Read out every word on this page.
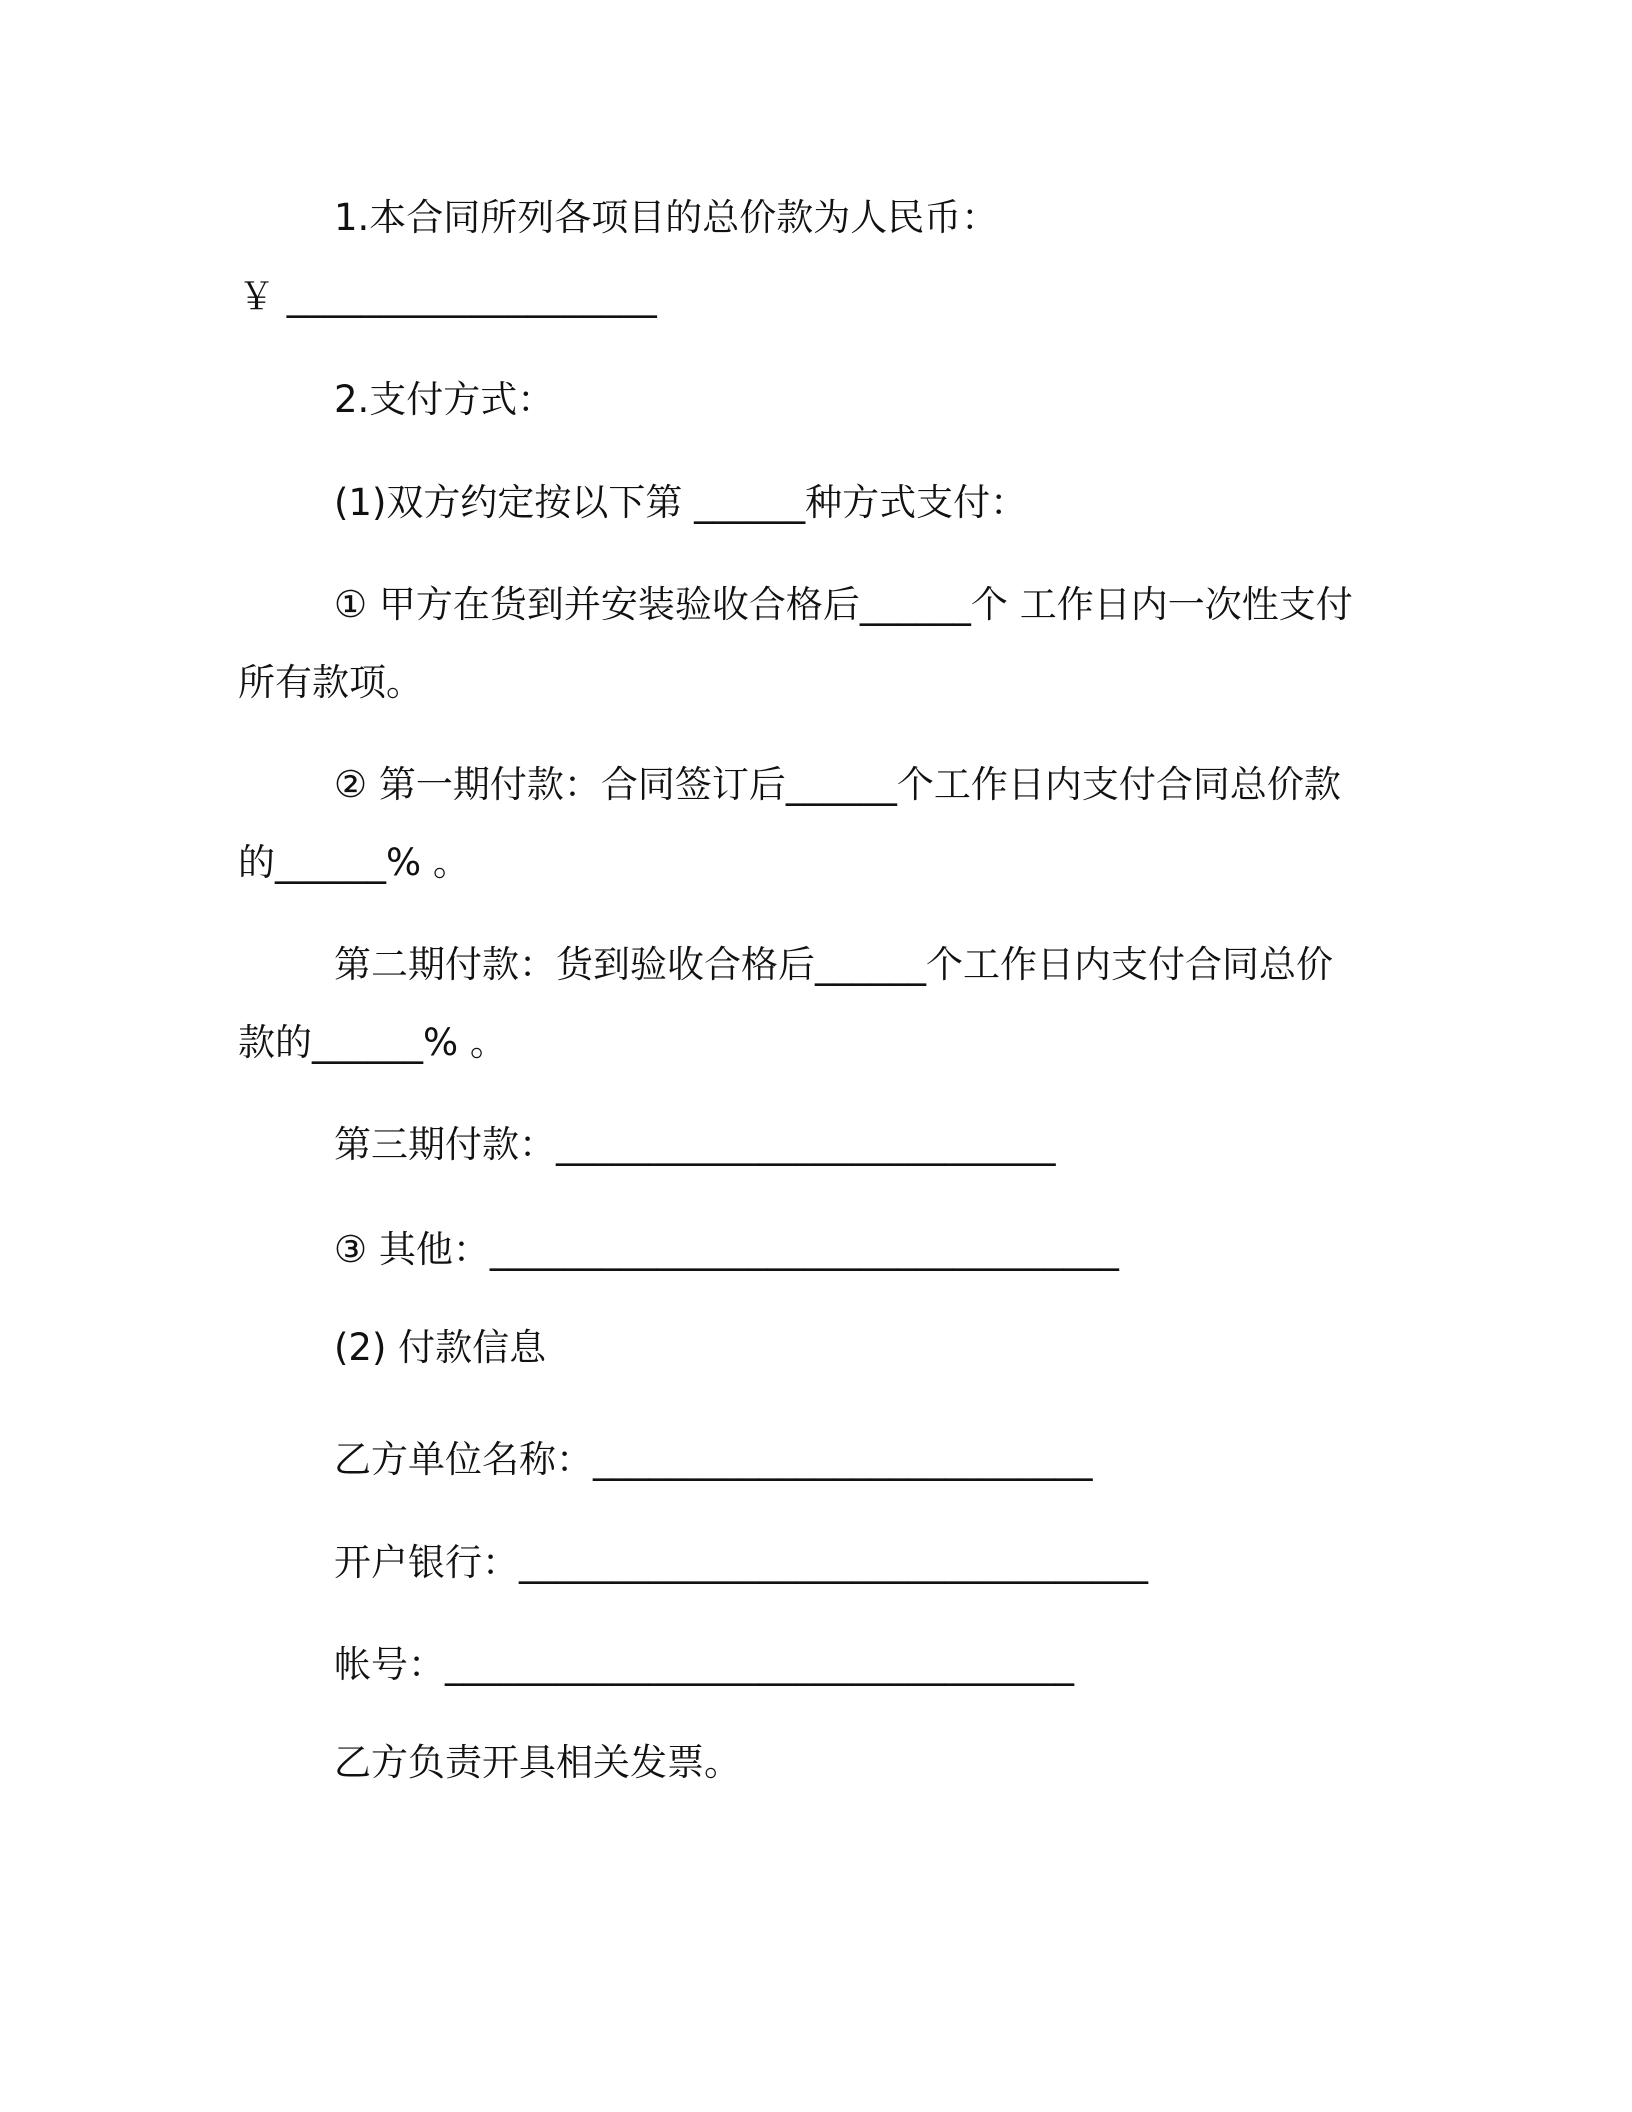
1.本合同所列各项目的总价款为人民币：
￥ ____________________
2.支付方式：
(1)双方约定按以下第 ______种方式支付：
① 甲方在货到并安装验收合格后______个 工作日内一次性支付
所有款项。
② 第一期付款：合同签订后______个工作日内支付合同总价款
的______% 。
第二期付款：货到验收合格后______个工作日内支付合同总价
款的______% 。
第三期付款：___________________________
③ 其他：__________________________________
(2) 付款信息
乙方单位名称：___________________________
开户银行：__________________________________
帐号：__________________________________
乙方负责开具相关发票。
